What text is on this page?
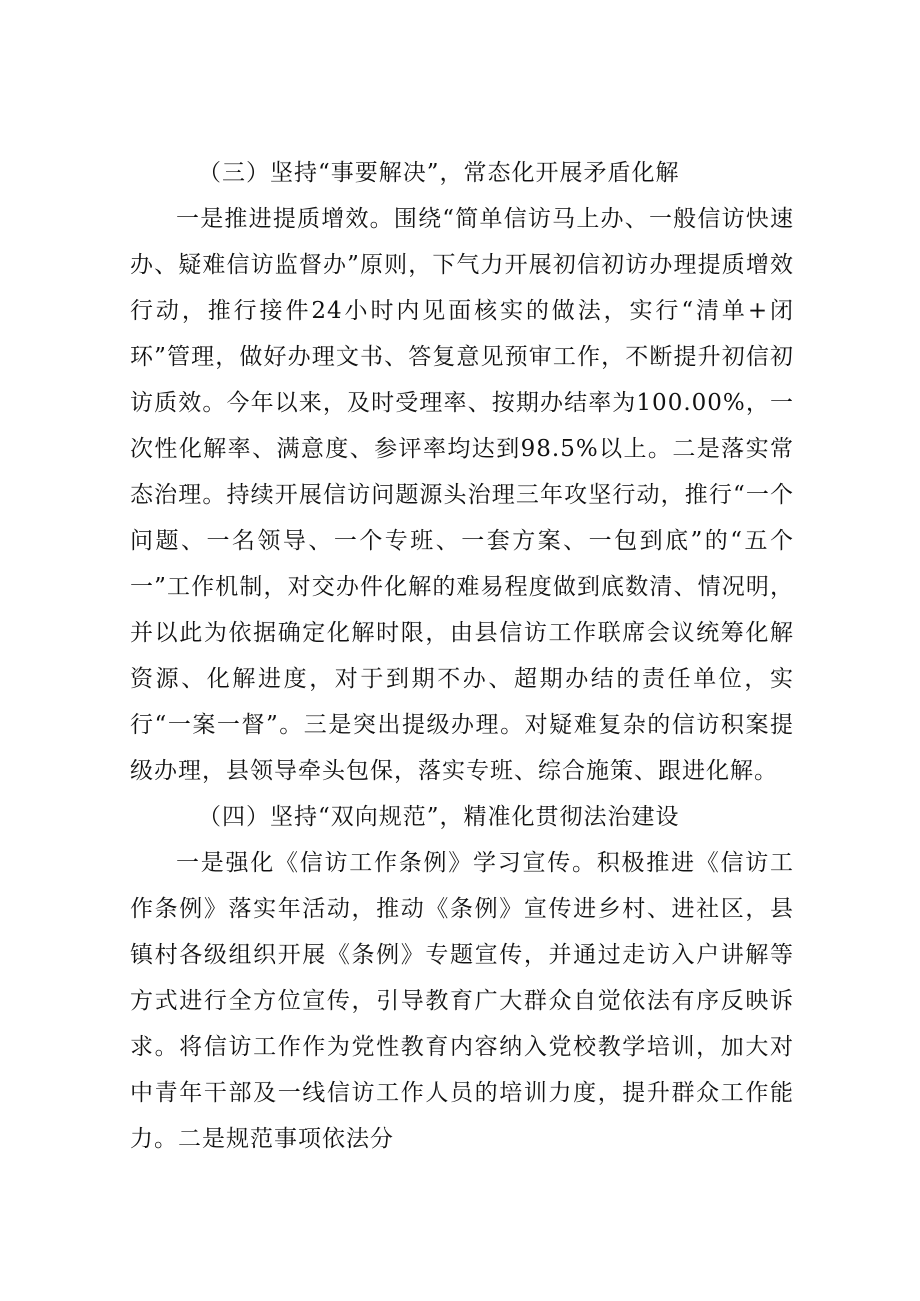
（三）坚持“事要解决”，常态化开展矛盾化解

一是推进提质增效。围绕“简单信访马上办、一般信访快速办、疑难信访监督办”原则，下气力开展初信初访办理提质增效行动，推行接件24小时内见面核实的做法，实行“清单+闭环”管理，做好办理文书、答复意见预审工作，不断提升初信初访质效。今年以来，及时受理率、按期办结率为100.00%，一次性化解率、满意度、参评率均达到98.5%以上。二是落实常态治理。持续开展信访问题源头治理三年攻坚行动，推行“一个问题、一名领导、一个专班、一套方案、一包到底”的“五个一”工作机制，对交办件化解的难易程度做到底数清、情况明，并以此为依据确定化解时限，由县信访工作联席会议统筹化解资源、化解进度，对于到期不办、超期办结的责任单位，实行“一案一督”。三是突出提级办理。对疑难复杂的信访积案提级办理，县领导牵头包保，落实专班、综合施策、跟进化解。

（四）坚持“双向规范”，精准化贯彻法治建设

一是强化《信访工作条例》学习宣传。积极推进《信访工作条例》落实年活动，推动《条例》宣传进乡村、进社区，县镇村各级组织开展《条例》专题宣传，并通过走访入户讲解等方式进行全方位宣传，引导教育广大群众自觉依法有序反映诉求。将信访工作作为党性教育内容纳入党校教学培训，加大对中青年干部及一线信访工作人员的培训力度，提升群众工作能力。二是规范事项依法分
